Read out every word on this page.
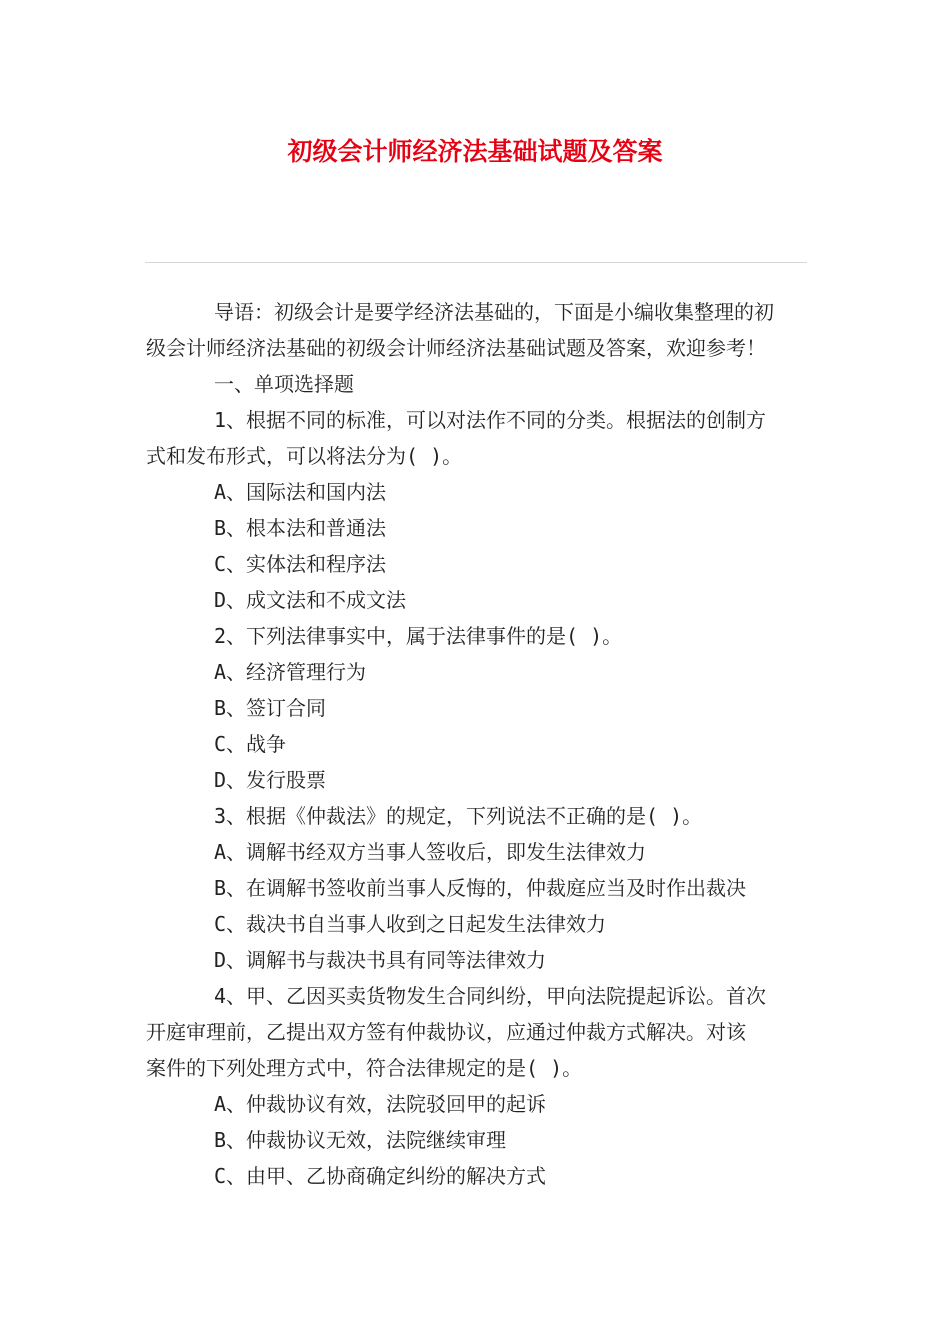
初级会计师经济法基础试题及答案

导语：初级会计是要学经济法基础的，下面是小编收集整理的初

级会计师经济法基础的初级会计师经济法基础试题及答案，欢迎参考！

一、单项选择题

1、根据不同的标准，可以对法作不同的分类。根据法的创制方

式和发布形式，可以将法分为( )。

A、国际法和国内法

B、根本法和普通法

C、实体法和程序法

D、成文法和不成文法

2、下列法律事实中，属于法律事件的是( )。

A、经济管理行为

B、签订合同

C、战争

D、发行股票

3、根据《仲裁法》的规定，下列说法不正确的是( )。

A、调解书经双方当事人签收后，即发生法律效力

B、在调解书签收前当事人反悔的，仲裁庭应当及时作出裁决

C、裁决书自当事人收到之日起发生法律效力

D、调解书与裁决书具有同等法律效力

4、甲、乙因买卖货物发生合同纠纷，甲向法院提起诉讼。首次

开庭审理前，乙提出双方签有仲裁协议，应通过仲裁方式解决。对该

案件的下列处理方式中，符合法律规定的是( )。

A、仲裁协议有效，法院驳回甲的起诉

B、仲裁协议无效，法院继续审理

C、由甲、乙协商确定纠纷的解决方式
